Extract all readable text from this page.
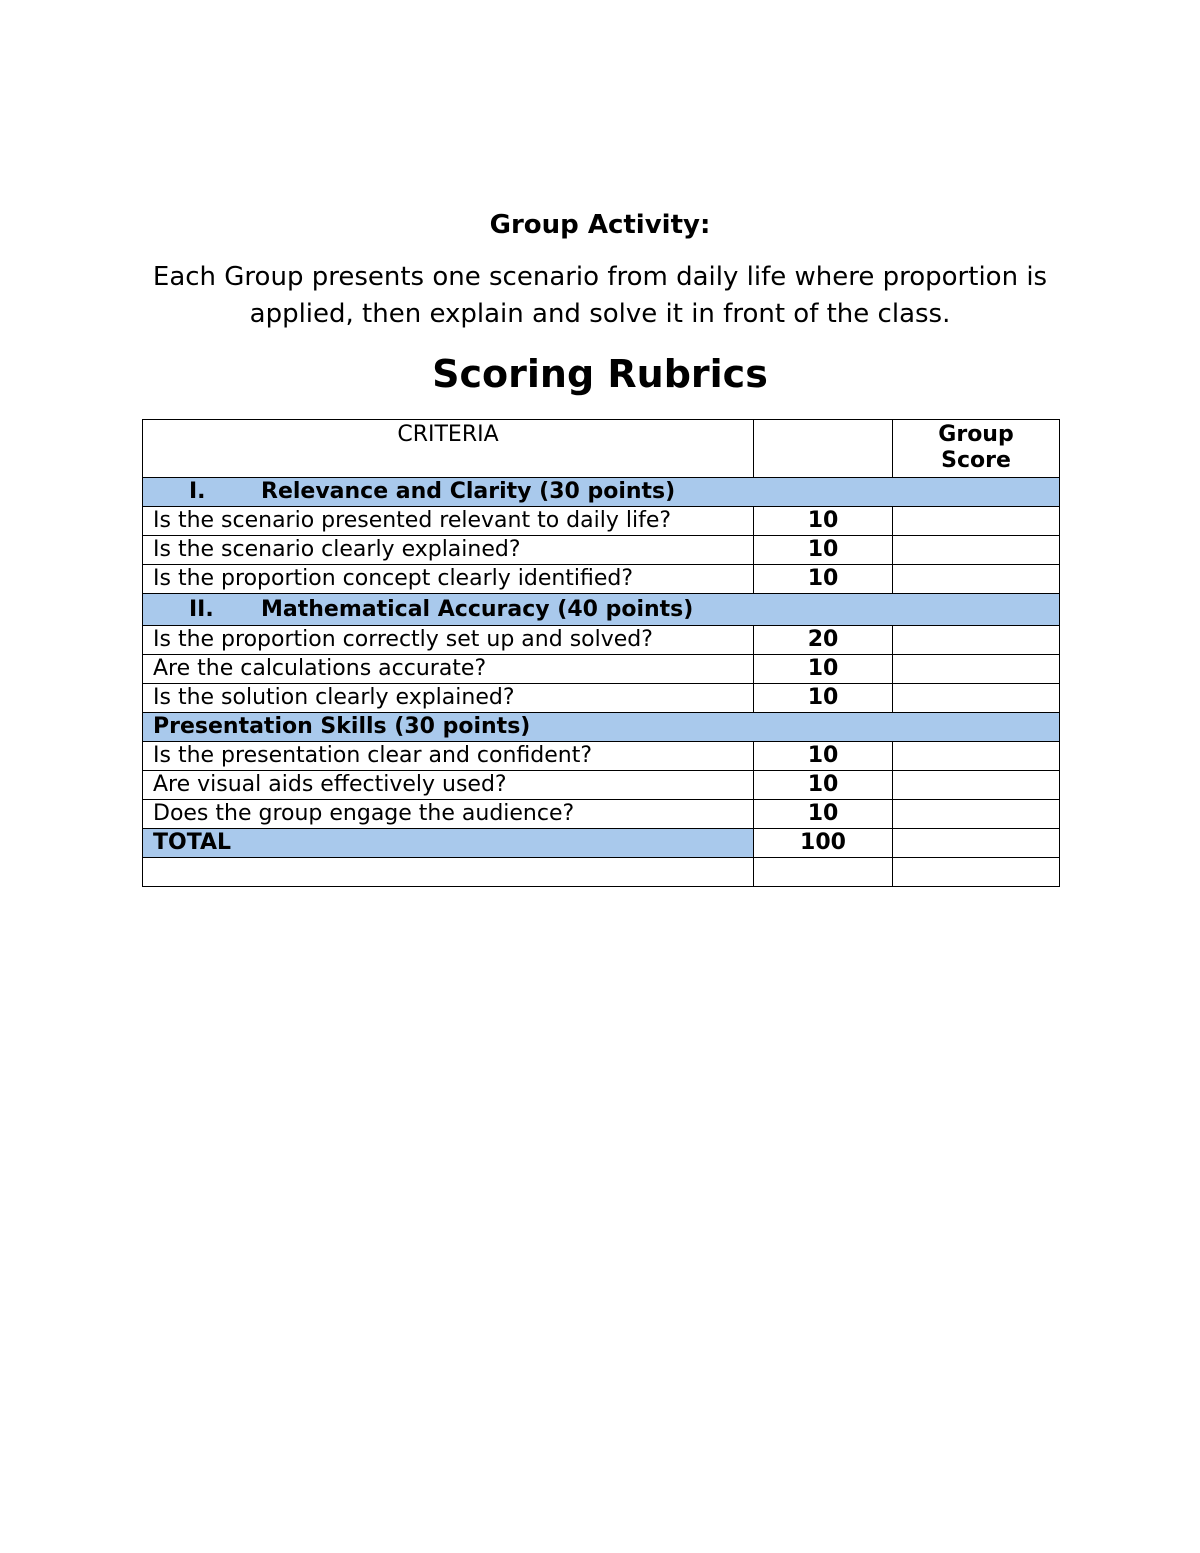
Group Activity:
Each Group presents one scenario from daily life where proportion is applied, then explain and solve it in front of the class.
Scoring Rubrics
CRITERIA		Group Score
I. Relevance and Clarity (30 points)		
Is the scenario presented relevant to daily life?	10	
Is the scenario clearly explained?	10	
Is the proportion concept clearly identified?	10	
II. Mathematical Accuracy (40 points)		
Is the proportion correctly set up and solved?	20	
Are the calculations accurate?	10	
Is the solution clearly explained?	10	
Presentation Skills (30 points)		
Is the presentation clear and confident?	10	
Are visual aids effectively used?	10	
Does the group engage the audience?	10	
TOTAL	100	
